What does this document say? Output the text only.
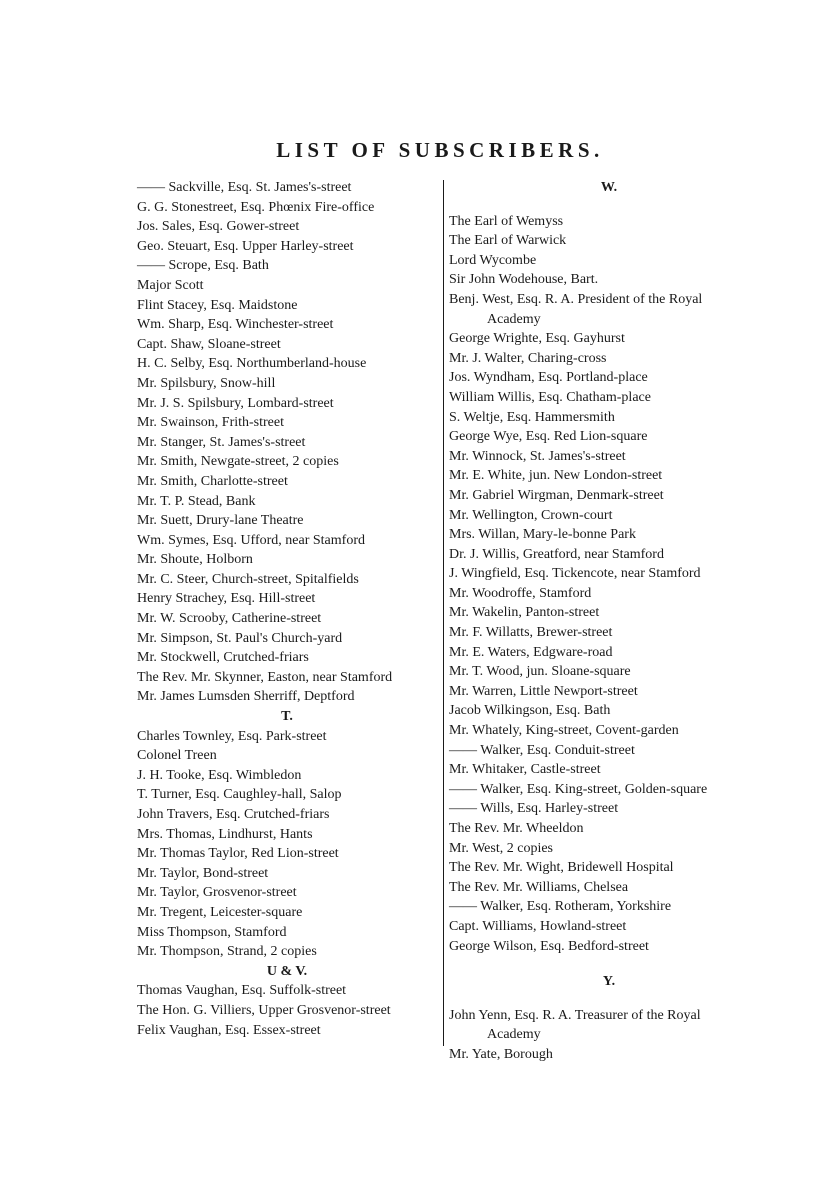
LIST OF SUBSCRIBERS.
—— Sackville, Esq. St. James's-street
G. G. Stonestreet, Esq. Phœnix Fire-office
Jos. Sales, Esq. Gower-street
Geo. Steuart, Esq. Upper Harley-street
—— Scrope, Esq. Bath
Major Scott
Flint Stacey, Esq. Maidstone
Wm. Sharp, Esq. Winchester-street
Capt. Shaw, Sloane-street
H. C. Selby, Esq. Northumberland-house
Mr. Spilsbury, Snow-hill
Mr. J. S. Spilsbury, Lombard-street
Mr. Swainson, Frith-street
Mr. Stanger, St. James's-street
Mr. Smith, Newgate-street, 2 copies
Mr. Smith, Charlotte-street
Mr. T. P. Stead, Bank
Mr. Suett, Drury-lane Theatre
Wm. Symes, Esq. Ufford, near Stamford
Mr. Shoute, Holborn
Mr. C. Steer, Church-street, Spitalfields
Henry Strachey, Esq. Hill-street
Mr. W. Scrooby, Catherine-street
Mr. Simpson, St. Paul's Church-yard
Mr. Stockwell, Crutched-friars
The Rev. Mr. Skynner, Easton, near Stamford
Mr. James Lumsden Sherriff, Deptford
T.
Charles Townley, Esq. Park-street
Colonel Treen
J. H. Tooke, Esq. Wimbledon
T. Turner, Esq. Caughley-hall, Salop
John Travers, Esq. Crutched-friars
Mrs. Thomas, Lindhurst, Hants
Mr. Thomas Taylor, Red Lion-street
Mr. Taylor, Bond-street
Mr. Taylor, Grosvenor-street
Mr. Tregent, Leicester-square
Miss Thompson, Stamford
Mr. Thompson, Strand, 2 copies
U & V.
Thomas Vaughan, Esq. Suffolk-street
The Hon. G. Villiers, Upper Grosvenor-street
Felix Vaughan, Esq. Essex-street
W.
The Earl of Wemyss
The Earl of Warwick
Lord Wycombe
Sir John Wodehouse, Bart.
Benj. West, Esq. R. A. President of the Royal
Academy
George Wrighte, Esq. Gayhurst
Mr. J. Walter, Charing-cross
Jos. Wyndham, Esq. Portland-place
William Willis, Esq. Chatham-place
S. Weltje, Esq. Hammersmith
George Wye, Esq. Red Lion-square
Mr. Winnock, St. James's-street
Mr. E. White, jun. New London-street
Mr. Gabriel Wirgman, Denmark-street
Mr. Wellington, Crown-court
Mrs. Willan, Mary-le-bonne Park
Dr. J. Willis, Greatford, near Stamford
J. Wingfield, Esq. Tickencote, near Stamford
Mr. Woodroffe, Stamford
Mr. Wakelin, Panton-street
Mr. F. Willatts, Brewer-street
Mr. E. Waters, Edgware-road
Mr. T. Wood, jun. Sloane-square
Mr. Warren, Little Newport-street
Jacob Wilkingson, Esq. Bath
Mr. Whately, King-street, Covent-garden
—— Walker, Esq. Conduit-street
Mr. Whitaker, Castle-street
—— Walker, Esq. King-street, Golden-square
—— Wills, Esq. Harley-street
The Rev. Mr. Wheeldon
Mr. West, 2 copies
The Rev. Mr. Wight, Bridewell Hospital
The Rev. Mr. Williams, Chelsea
—— Walker, Esq. Rotheram, Yorkshire
Capt. Williams, Howland-street
George Wilson, Esq. Bedford-street
Y.
John Yenn, Esq. R. A. Treasurer of the Royal
Academy
Mr. Yate, Borough
